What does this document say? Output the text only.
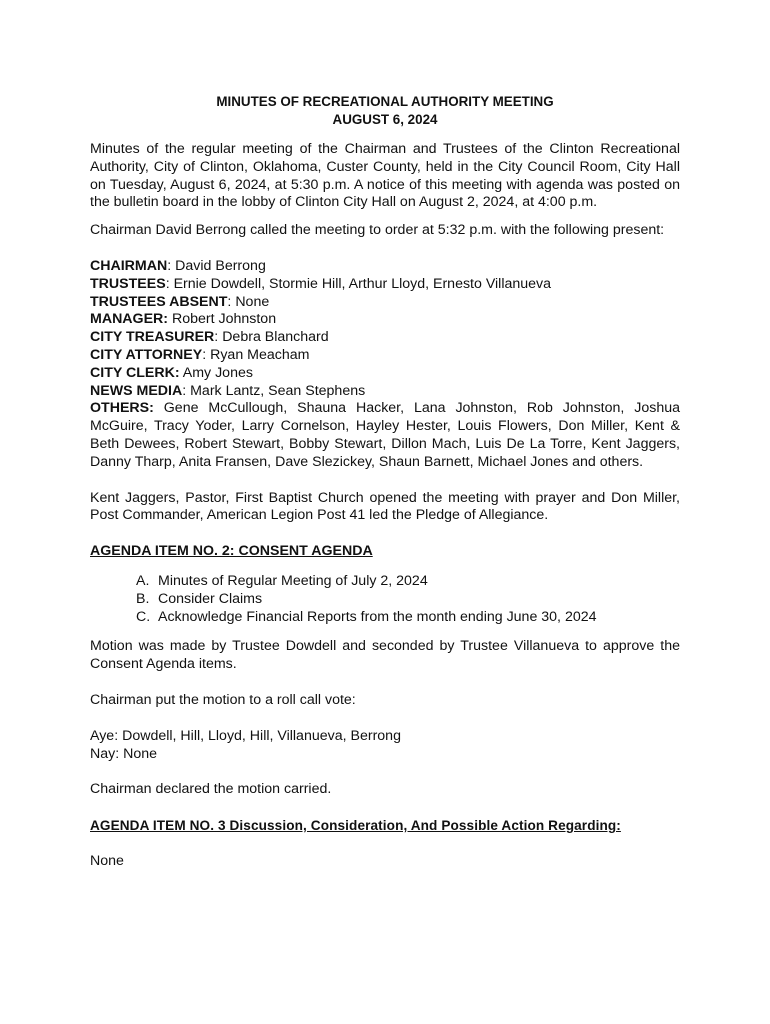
MINUTES OF RECREATIONAL AUTHORITY MEETING
AUGUST 6, 2024

Minutes of the regular meeting of the Chairman and Trustees of the Clinton Recreational Authority, City of Clinton, Oklahoma, Custer County, held in the City Council Room, City Hall on Tuesday, August 6, 2024, at 5:30 p.m. A notice of this meeting with agenda was posted on the bulletin board in the lobby of Clinton City Hall on August 2, 2024, at 4:00 p.m.

Chairman David Berrong called the meeting to order at 5:32 p.m. with the following present:

CHAIRMAN: David Berrong
TRUSTEES: Ernie Dowdell, Stormie Hill, Arthur Lloyd, Ernesto Villanueva
TRUSTEES ABSENT: None
MANAGER: Robert Johnston
CITY TREASURER: Debra Blanchard
CITY ATTORNEY: Ryan Meacham
CITY CLERK: Amy Jones
NEWS MEDIA: Mark Lantz, Sean Stephens
OTHERS: Gene McCullough, Shauna Hacker, Lana Johnston, Rob Johnston, Joshua McGuire, Tracy Yoder, Larry Cornelson, Hayley Hester, Louis Flowers, Don Miller, Kent & Beth Dewees, Robert Stewart, Bobby Stewart, Dillon Mach, Luis De La Torre, Kent Jaggers, Danny Tharp, Anita Fransen, Dave Slezickey, Shaun Barnett, Michael Jones and others.

Kent Jaggers, Pastor, First Baptist Church opened the meeting with prayer and Don Miller, Post Commander, American Legion Post 41 led the Pledge of Allegiance.

AGENDA ITEM NO. 2: CONSENT AGENDA
A. Minutes of Regular Meeting of July 2, 2024
B. Consider Claims
C. Acknowledge Financial Reports from the month ending June 30, 2024

Motion was made by Trustee Dowdell and seconded by Trustee Villanueva to approve the Consent Agenda items.

Chairman put the motion to a roll call vote:

Aye: Dowdell, Hill, Lloyd, Hill, Villanueva, Berrong
Nay: None

Chairman declared the motion carried.

AGENDA ITEM NO. 3 Discussion, Consideration, And Possible Action Regarding:

None
